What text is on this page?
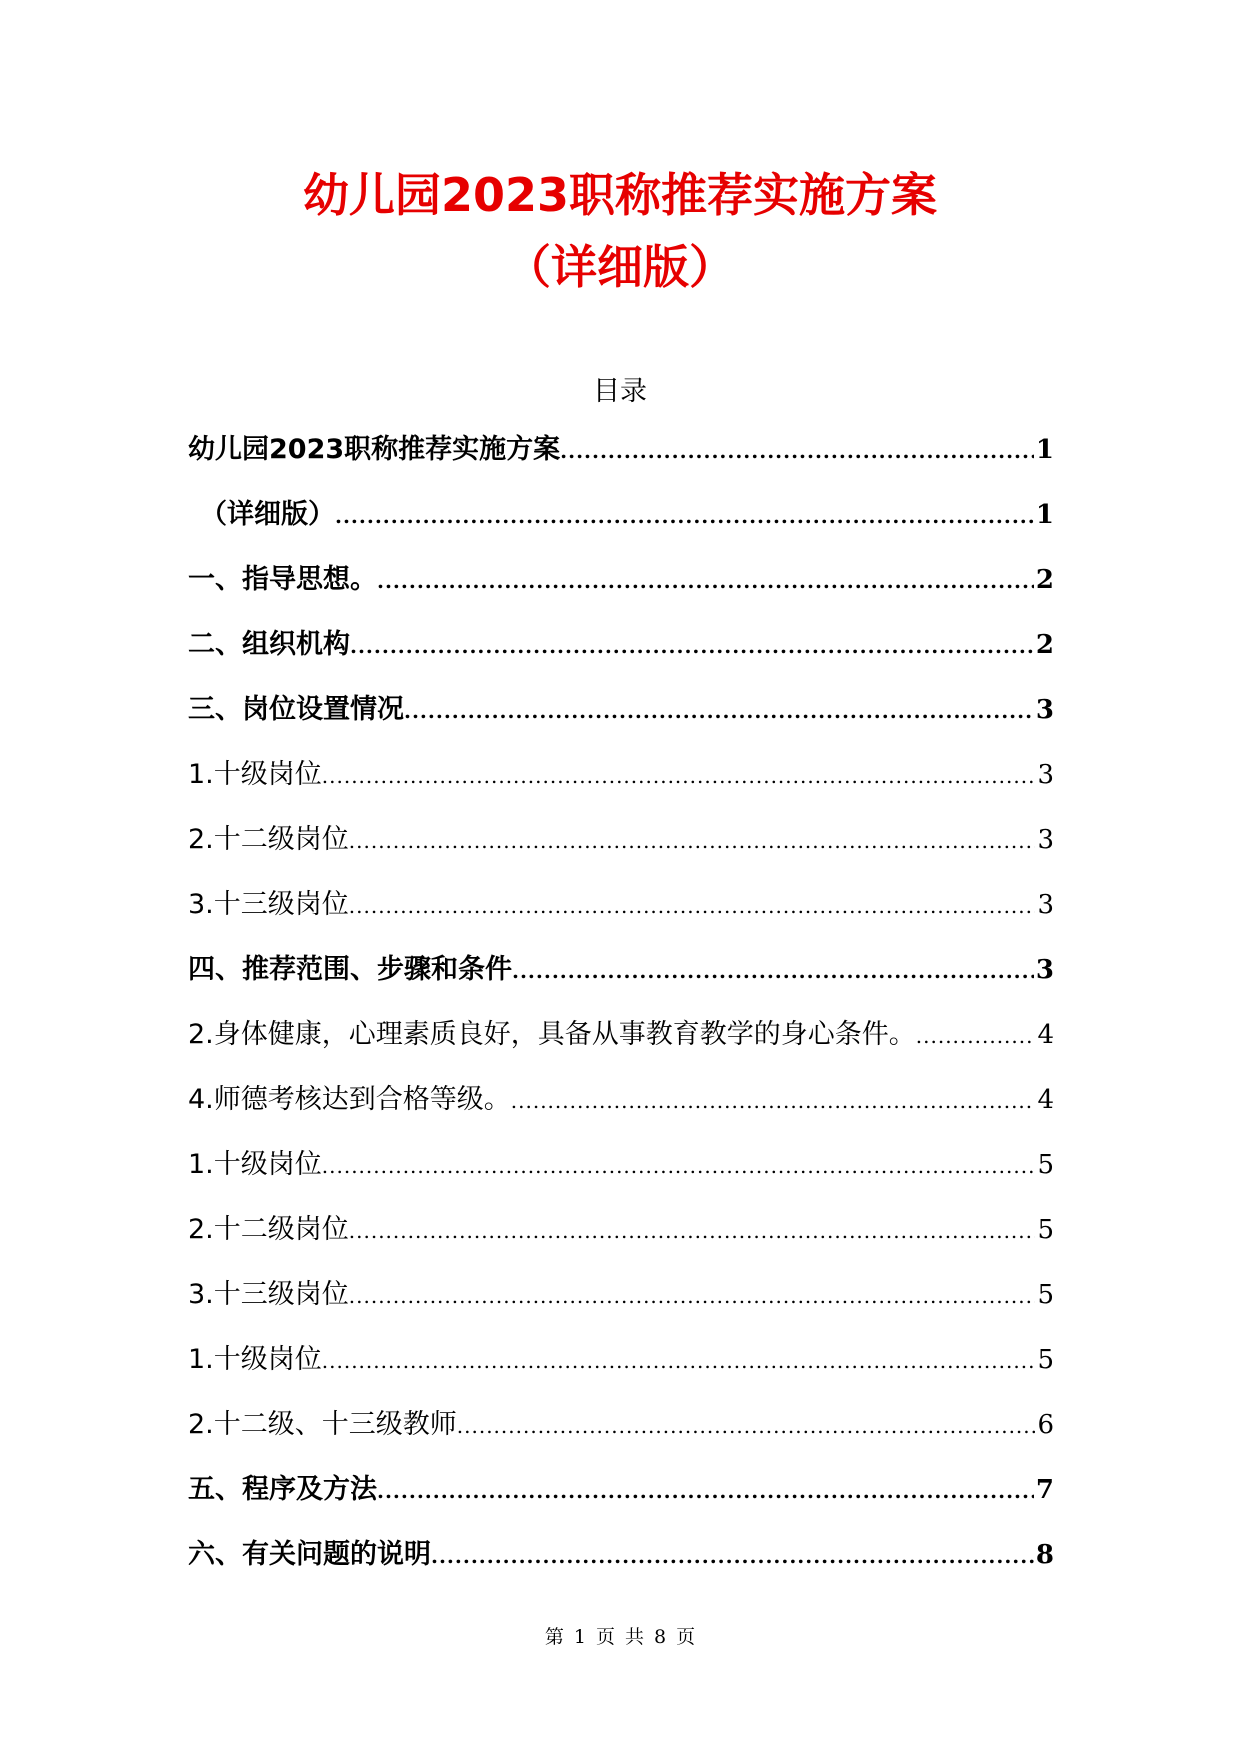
幼儿园2023职称推荐实施方案
（详细版）
目录
幼儿园2023职称推荐实施方案 .....	1
（详细版） .....	1
一、指导思想。 .....	2
二、组织机构 .....	2
三、岗位设置情况 .....	3
1.十级岗位 .....	3
2.十二级岗位 .....	3
3.十三级岗位 .....	3
四、推荐范围、步骤和条件 .....	3
2.身体健康，心理素质良好，具备从事教育教学的身心条件。 .....	4
4.师德考核达到合格等级。 .....	4
1.十级岗位 .....	5
2.十二级岗位 .....	5
3.十三级岗位 .....	5
1.十级岗位 .....	5
2.十二级、十三级教师 .....	6
五、程序及方法 .....	7
六、有关问题的说明 .....	8
第 1 页 共 8 页
